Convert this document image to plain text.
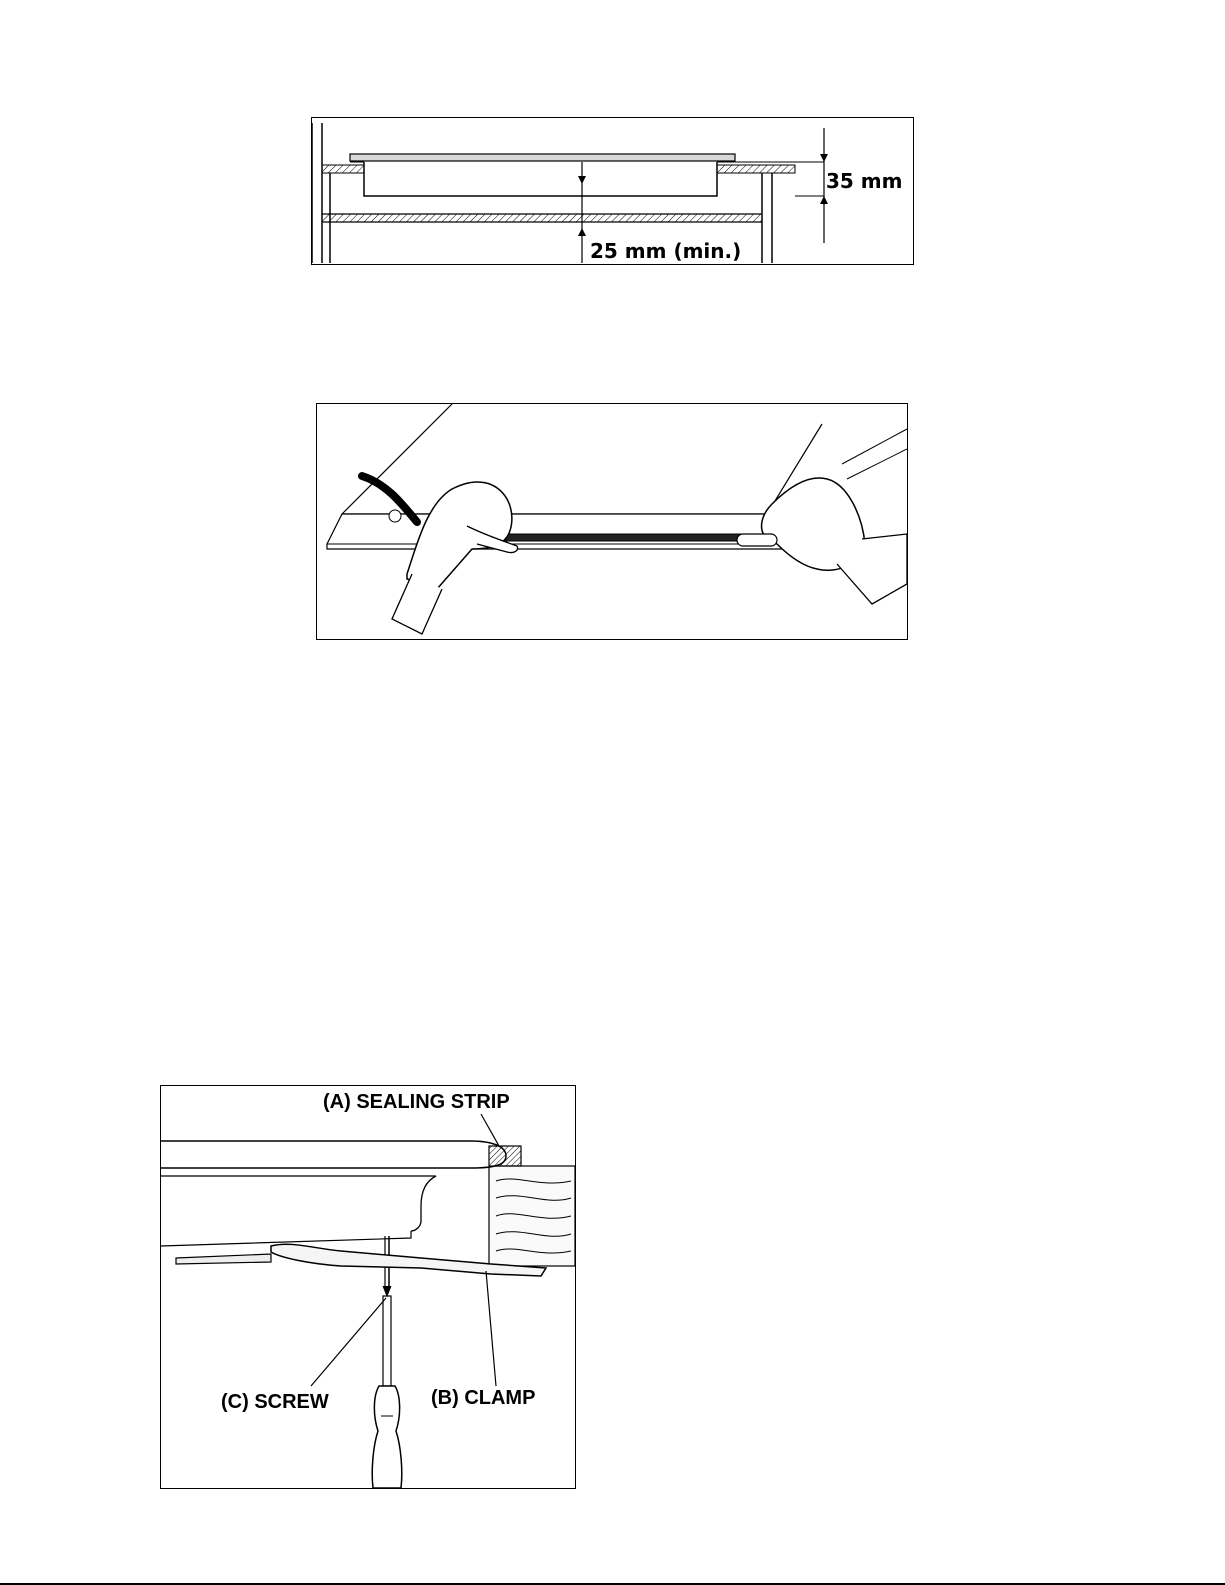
35 mm
25 mm (min.)
(A) SEALING STRIP
(C) SCREW	(B) CLAMP
